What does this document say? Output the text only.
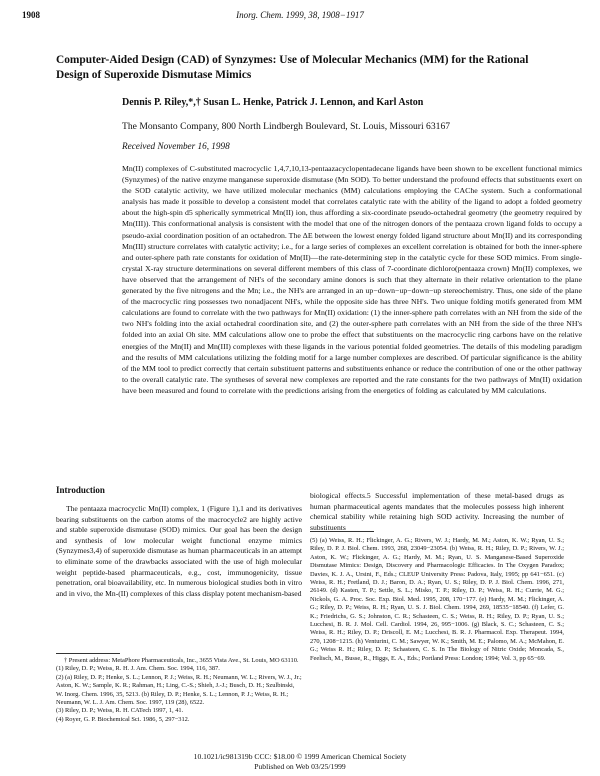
1908	Inorg. Chem. 1999, 38, 1908−1917
Computer-Aided Design (CAD) of Synzymes: Use of Molecular Mechanics (MM) for the Rational Design of Superoxide Dismutase Mimics
Dennis P. Riley,*,† Susan L. Henke, Patrick J. Lennon, and Karl Aston
The Monsanto Company, 800 North Lindbergh Boulevard, St. Louis, Missouri 63167
Received November 16, 1998

Mn(II) complexes of C-substituted macrocyclic 1,4,7,10,13-pentaazacyclopentadecane ligands have been shown to be excellent functional mimics (Synzymes) of the native enzyme manganese superoxide dismutase (Mn SOD). To better understand the profound effects that substituents exert on the SOD catalytic activity, we have utilized molecular mechanics (MM) calculations employing the CAChe system. Such a conformational analysis has made it possible to develop a consistent model that correlates catalytic rate with the ability of the ligand to adopt a folded geometry about the high-spin d5 spherically symmetrical Mn(II) ion, thus affording a six-coordinate pseudo-octahedral geometry (the geometry required by Mn(III)). This conformational analysis is consistent with the model that one of the nitrogen donors of the pentaaza crown ligand folds to occupy a pseudo-axial coordination position of an octahedron. The ΔE between the lowest energy folded ligand structure about Mn(II) and its corresponding Mn(III) structure correlates with catalytic activity; i.e., for a large series of complexes an excellent correlation is obtained for both the inner-sphere and outer-sphere path rate constants for oxidation of Mn(II)—the rate-determining step in the catalytic cycle for these SOD mimics. From single-crystal X-ray structure determinations on several different members of this class of 7-coordinate dichloro(pentaaza crown) Mn(II) complexes, we have observed that the arrangement of NH's of the secondary amine donors is such that they alternate in their relative orientation to the plane generated by the five nitrogens and the Mn; i.e., the NH's are arranged in an up−down−up−down−up stereochemistry. Thus, one side of the plane of the macrocyclic ring possesses two nonadjacent NH's, while the opposite side has three NH's. Two unique folding motifs generated from MM calculations are found to correlate with the two pathways for Mn(II) oxidation: (1) the inner-sphere path correlates with an NH from the side of the two NH's folding into the axial octahedral coordination site, and (2) the outer-sphere path correlates with an NH from the side of the three NH's folded into an axial Oh site. MM calculations allow one to probe the effect that substituents on the macrocyclic ring carbons have on the relative energies of the Mn(II) and Mn(III) complexes with these ligands in the various potential folded geometries. The details of this modeling paradigm and the results of MM calculations utilizing the folding motif for a large number complexes are described. Of particular significance is the ability of the MM tool to predict correctly that certain substituent patterns and substituents enhance or reduce the contribution of one or the other pathway to the overall catalytic rate. The syntheses of several new complexes are reported and the rate constants for the two pathways of Mn(II) oxidation have been measured and found to correlate with the predictions arising from the energetics of folding as calculated by MM calculations.

Introduction

The pentaaza macrocyclic Mn(II) complex, 1 (Figure 1),1 and its derivatives bearing substituents on the carbon atoms of the macrocycle2 are highly active and stable superoxide dismutase (SOD) mimics. Our goal has been the design and synthesis of low molecular weight functional enzyme mimics (Synzymes3,4) of superoxide dismutase as human pharmaceuticals in an attempt to eliminate some of the drawbacks associated with the use of high molecular weight peptide-based pharmaceuticals, e.g., cost, immunogenicity, tissue penetration, oral bioavailability, etc. In numerous biological studies both in vitro and in vivo, the Mn-(II) complexes of this class display potent mechanism-based

biological effects.5 Successful implementation of these metal-based drugs as human pharmaceutical agents mandates that the molecules possess high inherent chemical stability while retaining high SOD activity. Increasing the number of substituents

† Present address: MetaPhore Pharmaceuticals, Inc., 3655 Vista Ave., St. Louis, MO 63110.

(1) Riley, D. P.; Weiss, R. H. J. Am. Chem. Soc. 1994, 116, 387.

(2) (a) Riley, D. P.; Henke, S. L.; Lennon, P. J.; Weiss, R. H.; Neumann, W. L.; Rivers, W. J., Jr.; Aston, K. W.; Sample, K. R.; Rahman, H.; Ling, C.-S.; Shieh, J.-J.; Busch, D. H.; Szulbinski, W. Inorg. Chem. 1996, 35, 5213. (b) Riley, D. P.; Henke, S. L.; Lennon, P. J.; Weiss, R. H.; Neumann, W. L. J. Am. Chem. Soc. 1997, 119 (28), 6522.

(3) Riley, D. P.; Weiss, R. H. CATech 1997, 1, 41.

(4) Royer, G. P. Biochemical Sci. 1986, 5, 297−312.

(5) (a) Weiss, R. H.; Flickinger, A. G.; Rivers, W. J.; Hardy, M. M.; Aston, K. W.; Ryan, U. S.; Riley, D. P. J. Biol. Chem. 1993, 268, 23049−23054. (b) Weiss, R. H.; Riley, D. P.; Rivers, W. J.; Aston, K. W.; Flickinger, A. G.; Hardy, M. M.; Ryan, U. S. Manganese-Based Superoxide Dismutase Mimics: Design, Discovery and Pharmacologic Efficacies. In The Oxygen Paradox; Davies, K. J. A., Ursini, F., Eds.; CLEUP University Press: Padova, Italy, 1995; pp 641−651. (c) Weiss, R. H.; Fretland, D. J.; Baron, D. A.; Ryan, U. S.; Riley, D. P. J. Biol. Chem. 1996, 271, 26149. (d) Kasten, T. P.; Settle, S. L.; Misko, T. P.; Riley, D. P.; Weiss, R. H.; Currie, M. G.; Nickols, G. A. Proc. Soc. Exp. Biol. Med. 1995, 208, 170−177. (e) Hardy, M. M.; Flickinger, A. G.; Riley, D. P.; Weiss, R. H.; Ryan, U. S. J. Biol. Chem. 1994, 269, 18535−18540. (f) Lefer, G. K.; Friedrichs, G. S.; Johnston, C. R.; Schasteen, C. S.; Weiss, R. H.; Riley, D. P.; Ryan, U. S.; Lucchesi, B. R. J. Mol. Cell. Cardiol. 1994, 26, 995−1006. (g) Black, S. C.; Schasteen, C. S.; Weiss, R. H.; Riley, D. P.; Driscoll, E. M.; Lucchesi, B. R. J. Pharmacol. Exp. Therapeut. 1994, 270, 1208−1215. (h) Venturini, C. M.; Sawyer, W. K.; Smith, M. E.; Palomo, M. A.; McMahon, E. G.; Weiss R. H.; Riley, D. P.; Schasteen, C. S. In The Biology of Nitric Oxide; Moncada, S., Feelisch, M., Busse, R., Higgs, E. A., Eds.; Portland Press: London; 1994; Vol. 3, pp 65−69.

10.1021/ic981319b CCC: $18.00 © 1999 American Chemical Society
Published on Web 03/25/1999
